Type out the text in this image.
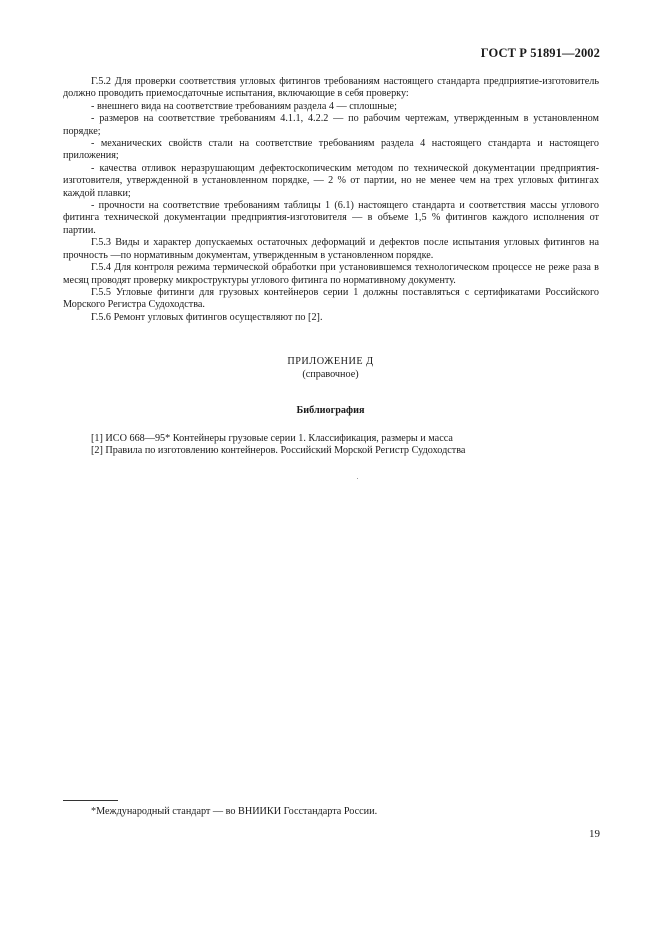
ГОСТ Р 51891—2002

Г.5.2 Для проверки соответствия угловых фитингов требованиям настоящего стандарта предприятие-изготовитель должно проводить приемосдаточные испытания, включающие в себя проверку:

- внешнего вида на соответствие требованиям раздела 4 — сплошные;

- размеров на соответствие требованиям 4.1.1, 4.2.2 — по рабочим чертежам, утвержденным в установленном порядке;

- механических свойств стали на соответствие требованиям раздела 4 настоящего стандарта и настоящего приложения;

- качества отливок неразрушающим дефектоскопическим методом по технической документации предприятия-изготовителя, утвержденной в установленном порядке, — 2 % от партии, но не менее чем на трех угловых фитингах каждой плавки;

- прочности на соответствие требованиям таблицы 1 (6.1) настоящего стандарта и соответствия массы углового фитинга технической документации предприятия-изготовителя — в объеме 1,5 % фитингов каждого исполнения от партии.

Г.5.3 Виды и характер допускаемых остаточных деформаций и дефектов после испытания угловых фитингов на прочность —по нормативным документам, утвержденным в установленном порядке.

Г.5.4 Для контроля режима термической обработки при установившемся технологическом процессе не реже раза в месяц проводят проверку микроструктуры углового фитинга по нормативному документу.

Г.5.5 Угловые фитинги для грузовых контейнеров серии 1 должны поставляться с сертификатами Российского Морского Регистра Судоходства.

Г.5.6 Ремонт угловых фитингов осуществляют по [2].

ПРИЛОЖЕНИЕ Д
(справочное)
Библиография
[1] ИСО 668—95* Контейнеры грузовые серии 1. Классификация, размеры и масса
[2] Правила по изготовлению контейнеров. Российский Морской Регистр Судоходства
*Международный стандарт — во ВНИИКИ Госстандарта России.
19
